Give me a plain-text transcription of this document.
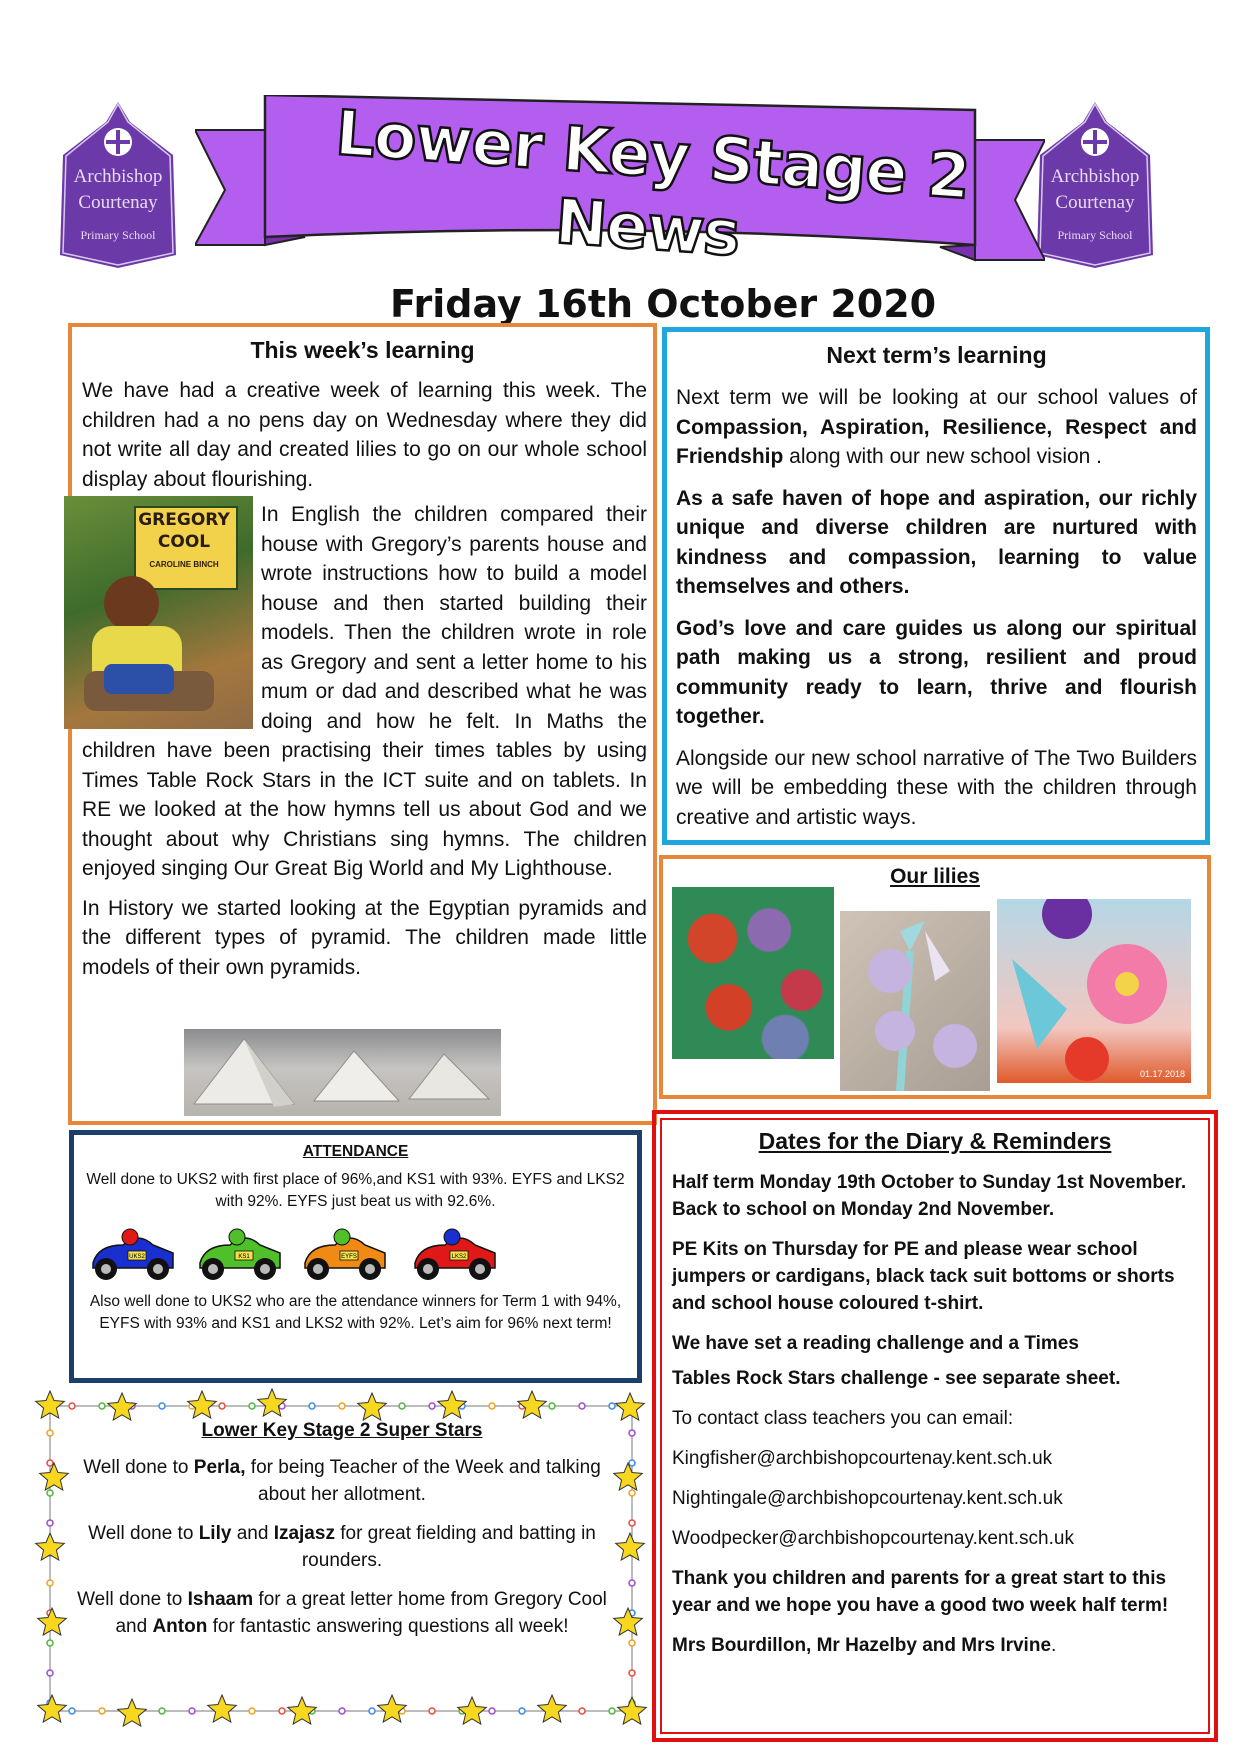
Archbishop
Courtenay
Primary School
Archbishop
Courtenay
Primary School
Lower Key Stage 2 News
Friday 16th October 2020
This week’s learning

We have had a creative week of learning this week. The children had a no pens day on Wednesday where they did not write all day and created lilies to go on our whole school display about flourishing.

GREGORY
COOL
CAROLINE BINCH

In English the children compared their house with Gregory’s parents house and wrote instructions how to build a model house and then started building their models. Then the children wrote in role as Gregory and sent a letter home to his mum or dad and described what he was doing and how he felt. In Maths the children have been practising their times tables by using Times Table Rock Stars in the ICT suite and on tablets. In RE we looked at the how hymns tell us about God and we thought about why Christians sing hymns. The children enjoyed singing Our Great Big World and My Lighthouse.

In History we started looking at the Egyptian pyramids and the different types of pyramid. The children made little models of their own pyramids.

Next term’s learning

Next term we will be looking at our school values of Compassion, Aspiration, Resilience, Respect and Friendship along with our new school vision .

As a safe haven of hope and aspiration, our richly unique and diverse children are nurtured with kindness and compassion, learning to value themselves and others.

God’s love and care guides us along our spiritual path making us a strong, resilient and proud community ready to learn, thrive and flourish together.

Alongside our new school narrative of The Two Builders we will be embedding these with the children through creative and artistic ways.

Our lilies
01.17.2018
ATTENDANCE
Well done to UKS2 with first place of 96%,and KS1 with 93%. EYFS and LKS2 with 92%. EYFS just beat us with 92.6%.
UKS2	KS1	EYFS	LKS2
Also well done to UKS2 who are the attendance winners for Term 1 with 94%, EYFS with 93% and KS1 and LKS2 with 92%. Let’s aim for 96% next term!
Lower Key Stage 2 Super Stars

Well done to Perla, for being Teacher of the Week and talking about her allotment.

Well done to Lily and Izajasz for great fielding and batting in rounders.

Well done to Ishaam for a great letter home from Gregory Cool and Anton for fantastic answering questions all week!

Dates for the Diary & Reminders

Half term Monday 19th October to Sunday 1st November. Back to school on Monday 2nd November.

PE Kits on Thursday for PE and please wear school jumpers or cardigans, black tack suit bottoms or shorts and school house coloured t-shirt.

We have set a reading challenge and a Times

Tables Rock Stars challenge - see separate sheet.

To contact class teachers you can email:

Kingfisher@archbishopcourtenay.kent.sch.uk

Nightingale@archbishopcourtenay.kent.sch.uk

Woodpecker@archbishopcourtenay.kent.sch.uk

Thank you children and parents for a great start to this year and we hope you have a good two week half term!

Mrs Bourdillon, Mr Hazelby and Mrs Irvine.
